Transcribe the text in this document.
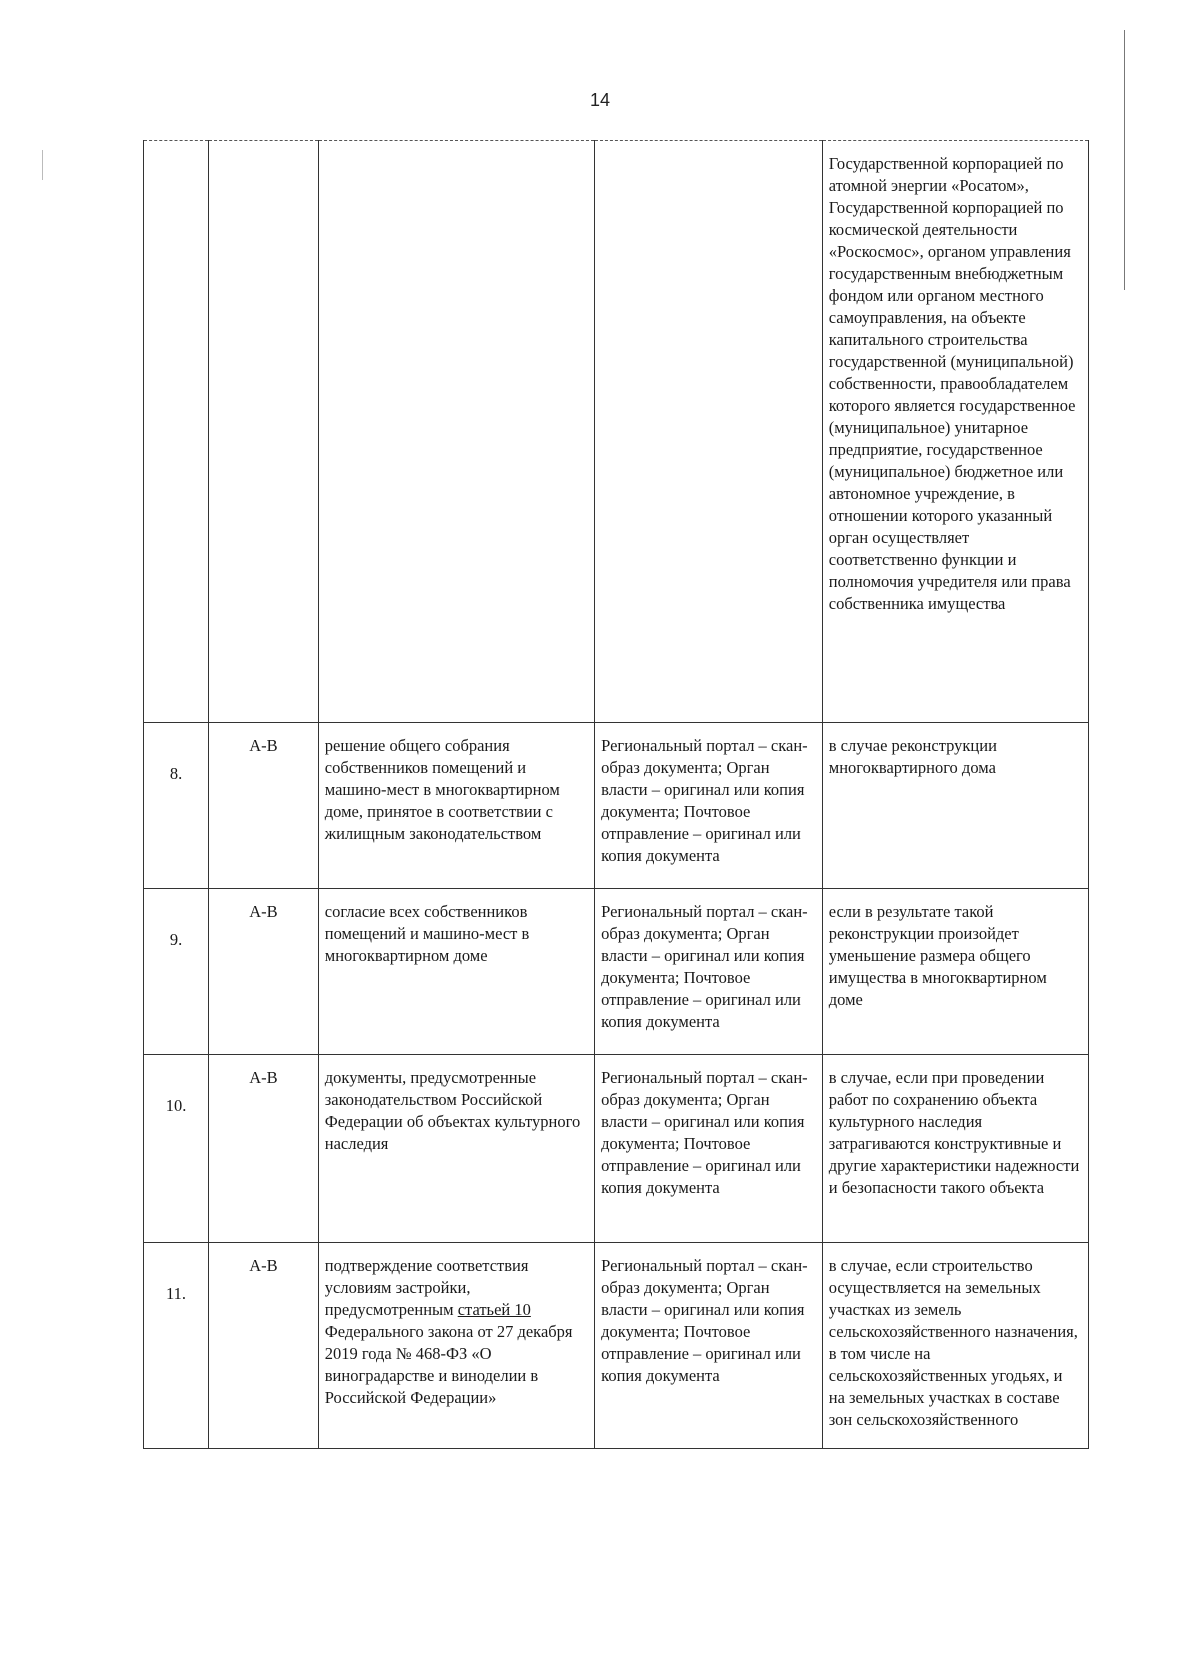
14
				Государственной корпорацией по атомной энергии «Росатом», Государственной корпорацией по космической деятельности «Роскосмос», органом управления государственным внебюджетным фондом или органом местного самоуправления, на объекте капитального строительства государственной (муниципальной) собственности, правообладателем которого является государственное (муниципальное) унитарное предприятие, государственное (муниципальное) бюджетное или автономное учреждение, в отношении которого указанный орган осуществляет соответственно функции и полномочия учредителя или права собственника имущества
8.	А-В	решение общего собрания собственников помещений и машино-мест в многоквартирном доме, принятое в соответствии с жилищным законодательством	Региональный портал – скан-образ документа; Орган власти – оригинал или копия документа; Почтовое отправление – оригинал или копия документа	в случае реконструкции многоквартирного дома
9.	А-В	согласие всех собственников помещений и машино-мест в многоквартирном доме	Региональный портал – скан-образ документа; Орган власти – оригинал или копия документа; Почтовое отправление – оригинал или копия документа	если в результате такой реконструкции произойдет уменьшение размера общего имущества в многоквартирном доме
10.	А-В	документы, предусмотренные законодательством Российской Федерации об объектах культурного наследия	Региональный портал – скан-образ документа; Орган власти – оригинал или копия документа; Почтовое отправление – оригинал или копия документа	в случае, если при проведении работ по сохранению объекта культурного наследия затрагиваются конструктивные и другие характеристики надежности и безопасности такого объекта
11.	А-В	подтверждение соответствия условиям застройки, предусмотренным статьей 10 Федерального закона от 27 декабря 2019 года № 468-ФЗ «О виноградарстве и виноделии в Российской Федерации»	Региональный портал – скан-образ документа; Орган власти – оригинал или копия документа; Почтовое отправление – оригинал или копия документа	в случае, если строительство осуществляется на земельных участках из земель сельскохозяйственного назначения, в том числе на сельскохозяйственных угодьях, и на земельных участках в составе зон сельскохозяйственного
